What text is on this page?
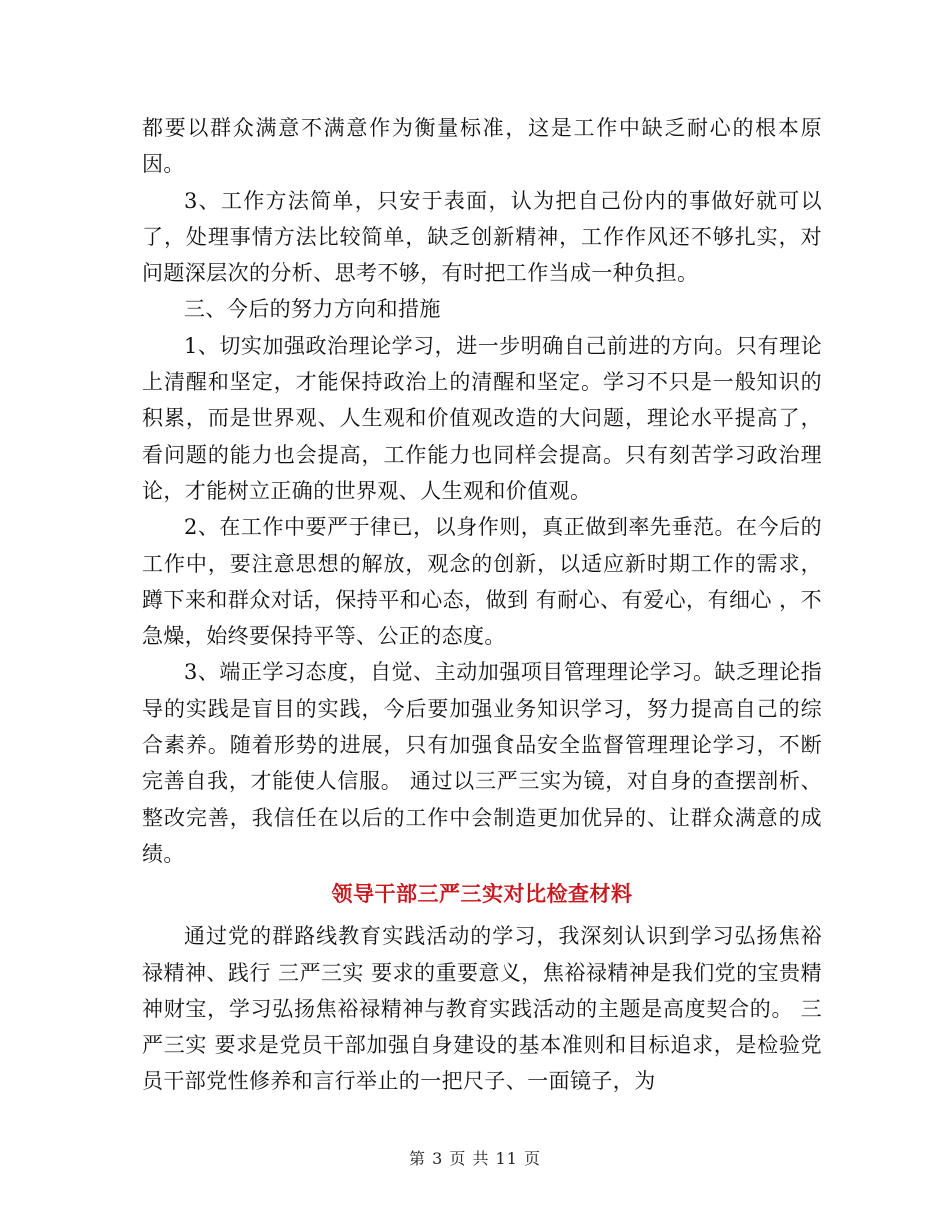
都要以群众满意不满意作为衡量标准，这是工作中缺乏耐心的根本原因。

3、工作方法简单，只安于表面，认为把自己份内的事做好就可以了，处理事情方法比较简单，缺乏创新精神，工作作风还不够扎实，对问题深层次的分析、思考不够，有时把工作当成一种负担。

三、今后的努力方向和措施

1、切实加强政治理论学习，进一步明确自己前进的方向。只有理论上清醒和坚定，才能保持政治上的清醒和坚定。学习不只是一般知识的积累，而是世界观、人生观和价值观改造的大问题，理论水平提高了，看问题的能力也会提高，工作能力也同样会提高。只有刻苦学习政治理论，才能树立正确的世界观、人生观和价值观。

2、在工作中要严于律已，以身作则，真正做到率先垂范。在今后的工作中，要注意思想的解放，观念的创新，以适应新时期工作的需求，蹲下来和群众对话，保持平和心态，做到 有耐心、有爱心，有细心 ，不急燥，始终要保持平等、公正的态度。

3、端正学习态度，自觉、主动加强项目管理理论学习。缺乏理论指导的实践是盲目的实践，今后要加强业务知识学习，努力提高自己的综合素养。随着形势的进展，只有加强食品安全监督管理理论学习，不断完善自我，才能使人信服。 通过以三严三实为镜，对自身的查摆剖析、整改完善，我信任在以后的工作中会制造更加优异的、让群众满意的成绩。

领导干部三严三实对比检查材料

通过党的群路线教育实践活动的学习，我深刻认识到学习弘扬焦裕禄精神、践行 三严三实 要求的重要意义，焦裕禄精神是我们党的宝贵精神财宝，学习弘扬焦裕禄精神与教育实践活动的主题是高度契合的。 三严三实 要求是党员干部加强自身建设的基本准则和目标追求，是检验党员干部党性修养和言行举止的一把尺子、一面镜子，为

第 3 页 共 11 页
